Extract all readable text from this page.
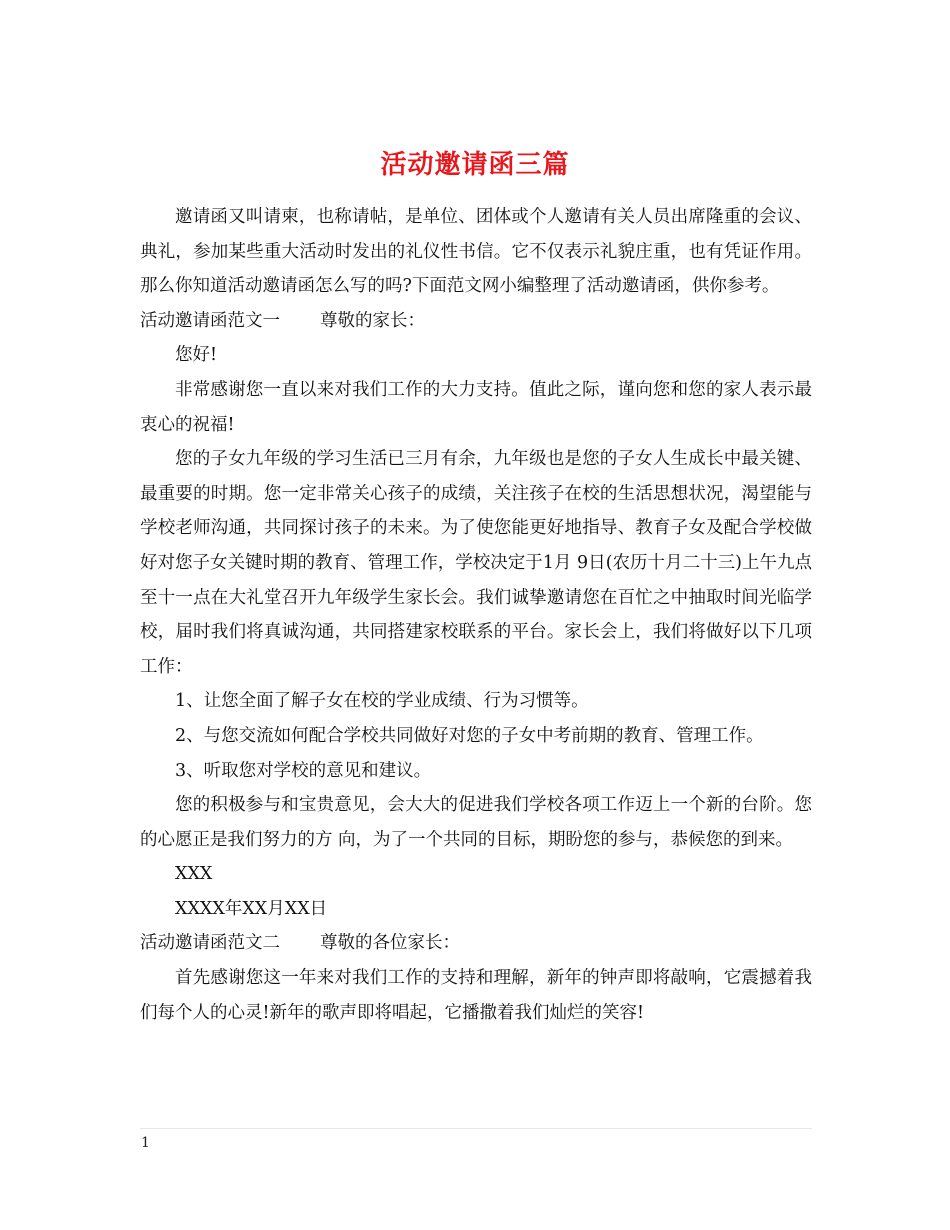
活动邀请函三篇

邀请函又叫请柬，也称请帖，是单位、团体或个人邀请有关人员出席隆重的会议、典礼，参加某些重大活动时发出的礼仪性书信。它不仅表示礼貌庄重，也有凭证作用。那么你知道活动邀请函怎么写的吗?下面范文网小编整理了活动邀请函，供你参考。

活动邀请函范文一 尊敬的家长：

您好!

非常感谢您一直以来对我们工作的大力支持。值此之际，谨向您和您的家人表示最衷心的祝福!

您的子女九年级的学习生活已三月有余，九年级也是您的子女人生成长中最关键、最重要的时期。您一定非常关心孩子的成绩，关注孩子在校的生活思想状况，渴望能与学校老师沟通，共同探讨孩子的未来。为了使您能更好地指导、教育子女及配合学校做好对您子女关键时期的教育、管理工作，学校决定于1月 9日(农历十月二十三)上午九点至十一点在大礼堂召开九年级学生家长会。我们诚挚邀请您在百忙之中抽取时间光临学校，届时我们将真诚沟通，共同搭建家校联系的平台。家长会上，我们将做好以下几项工作：

1、让您全面了解子女在校的学业成绩、行为习惯等。

2、与您交流如何配合学校共同做好对您的子女中考前期的教育、管理工作。

3、听取您对学校的意见和建议。

您的积极参与和宝贵意见，会大大的促进我们学校各项工作迈上一个新的台阶。您的心愿正是我们努力的方 向，为了一个共同的目标，期盼您的参与，恭候您的到来。

XXX

XXXX年XX月XX日

活动邀请函范文二 尊敬的各位家长：

首先感谢您这一年来对我们工作的支持和理解，新年的钟声即将敲响，它震撼着我们每个人的心灵!新年的歌声即将唱起，它播撒着我们灿烂的笑容!

1
